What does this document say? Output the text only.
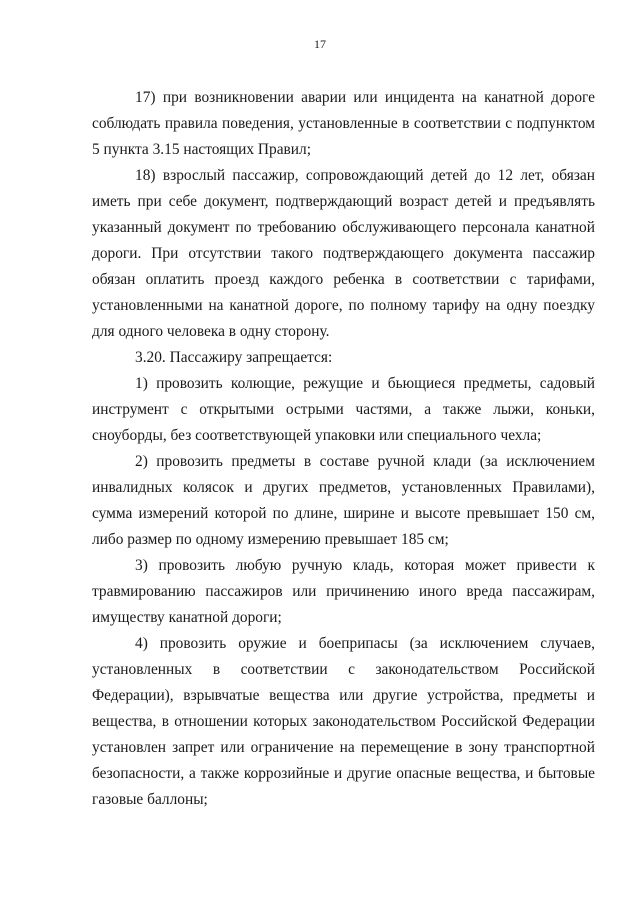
17

17) при возникновении аварии или инцидента на канатной дороге соблюдать правила поведения, установленные в соответствии с подпунктом 5 пункта 3.15 настоящих Правил;

18) взрослый пассажир, сопровождающий детей до 12 лет, обязан иметь при себе документ, подтверждающий возраст детей и предъявлять указанный документ по требованию обслуживающего персонала канатной дороги. При отсутствии такого подтверждающего документа пассажир обязан оплатить проезд каждого ребенка в соответствии с тарифами, установленными на канатной дороге, по полному тарифу на одну поездку для одного человека в одну сторону.

3.20. Пассажиру запрещается:

1) провозить колющие, режущие и бьющиеся предметы, садовый инструмент с открытыми острыми частями, а также лыжи, коньки, сноуборды, без соответствующей упаковки или специального чехла;

2) провозить предметы в составе ручной клади (за исключением инвалидных колясок и других предметов, установленных Правилами), сумма измерений которой по длине, ширине и высоте превышает 150 см, либо размер по одному измерению превышает 185 см;

3) провозить любую ручную кладь, которая может привести к травмированию пассажиров или причинению иного вреда пассажирам, имуществу канатной дороги;

4) провозить оружие и боеприпасы (за исключением случаев, установленных в соответствии с законодательством Российской Федерации), взрывчатые вещества или другие устройства, предметы и вещества, в отношении которых законодательством Российской Федерации установлен запрет или ограничение на перемещение в зону транспортной безопасности, а также коррозийные и другие опасные вещества, и бытовые газовые баллоны;
